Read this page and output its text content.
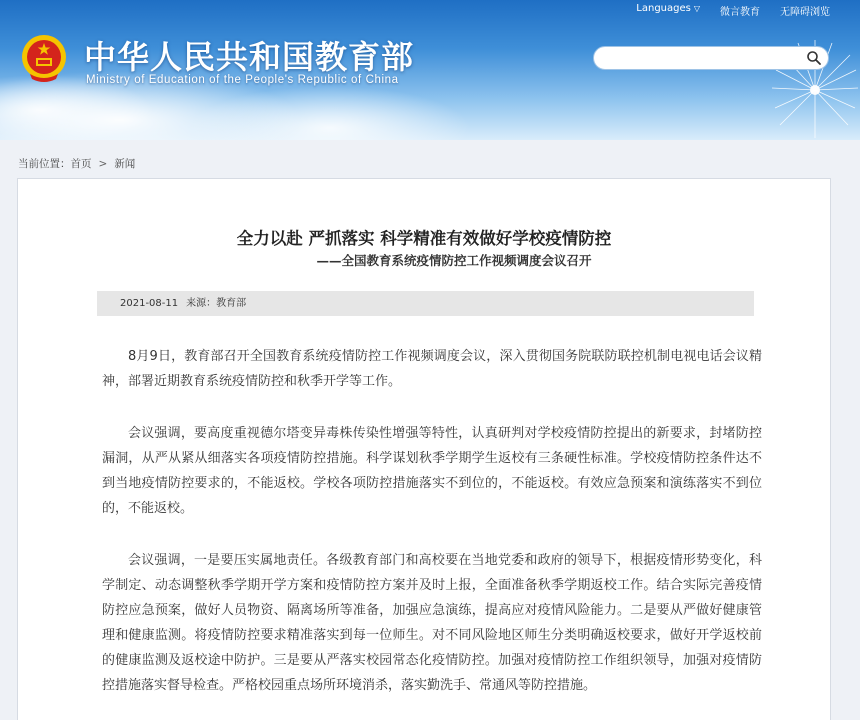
Languages ▽ 微言教育 无障碍浏览
中华人民共和国教育部
Ministry of Education of the People's Republic of China
当前位置：首页 > 新闻
全力以赴 严抓落实 科学精准有效做好学校疫情防控
——全国教育系统疫情防控工作视频调度会议召开
2021-08-11 来源：教育部

8月9日，教育部召开全国教育系统疫情防控工作视频调度会议，深入贯彻国务院联防联控机制电视电话会议精神，部署近期教育系统疫情防控和秋季开学等工作。

会议强调，要高度重视德尔塔变异毒株传染性增强等特性，认真研判对学校疫情防控提出的新要求，封堵防控漏洞，从严从紧从细落实各项疫情防控措施。科学谋划秋季学期学生返校有三条硬性标准。学校疫情防控条件达不到当地疫情防控要求的，不能返校。学校各项防控措施落实不到位的，不能返校。有效应急预案和演练落实不到位的，不能返校。

会议强调，一是要压实属地责任。各级教育部门和高校要在当地党委和政府的领导下，根据疫情形势变化，科学制定、动态调整秋季学期开学方案和疫情防控方案并及时上报，全面准备秋季学期返校工作。结合实际完善疫情防控应急预案，做好人员物资、隔离场所等准备，加强应急演练，提高应对疫情风险能力。二是要从严做好健康管理和健康监测。将疫情防控要求精准落实到每一位师生。对不同风险地区师生分类明确返校要求，做好开学返校前的健康监测及返校途中防护。三是要从严落实校园常态化疫情防控。加强对疫情防控工作组织领导，加强对疫情防控措施落实督导检查。严格校园重点场所环境消杀，落实勤洗手、常通风等防控措施。
